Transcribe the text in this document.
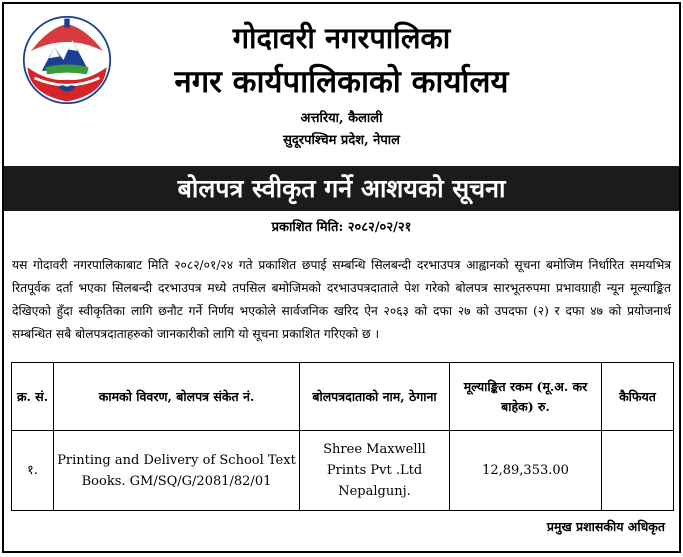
गोदावरी नगरपालिका
नगर कार्यपालिकाको कार्यालय
अत्तरिया, कैलाली
सुदूरपश्चिम प्रदेश, नेपाल
बोलपत्र स्वीकृत गर्ने आशयको सूचना
प्रकाशित मिति: २०८२/०२/२१
यस गोदावरी नगरपालिकाबाट मिति २०८२/०१/२४ गते प्रकाशित छपाई सम्बन्धि सिलबन्दी दरभाउपत्र आह्वानको सूचना बमोजिम निर्धारित समयभित्र रितपूर्वक दर्ता भएका सिलबन्दी दरभाउपत्र मध्ये तपसिल बमोजिमको दरभाउपत्रदाताले पेश गरेको बोलपत्र सारभूतरुपमा प्रभावग्राही न्यून मूल्याङ्कित देखिएको हुँदा स्वीकृतिका लागि छनौट गर्ने निर्णय भएकोले सार्वजनिक खरिद ऐन २०६३ को दफा २७ को उपदफा (२) र दफा ४७ को प्रयोजनार्थ सम्बन्धित सबै बोलपत्रदाताहरुको जानकारीको लागि यो सूचना प्रकाशित गरिएको छ ।
क्र. सं.	कामको विवरण, बोलपत्र संकेत नं.	बोलपत्रदाताको नाम, ठेगाना	मूल्याङ्कित रकम (मू.अ. कर बाहेक) रु.	कैफियत
१.	Printing and Delivery of School Text Books. GM/SQ/G/2081/82/01	Shree Maxwelll Prints Pvt .Ltd Nepalgunj.	12,89,353.00	
प्रमुख प्रशासकीय अधिकृत
